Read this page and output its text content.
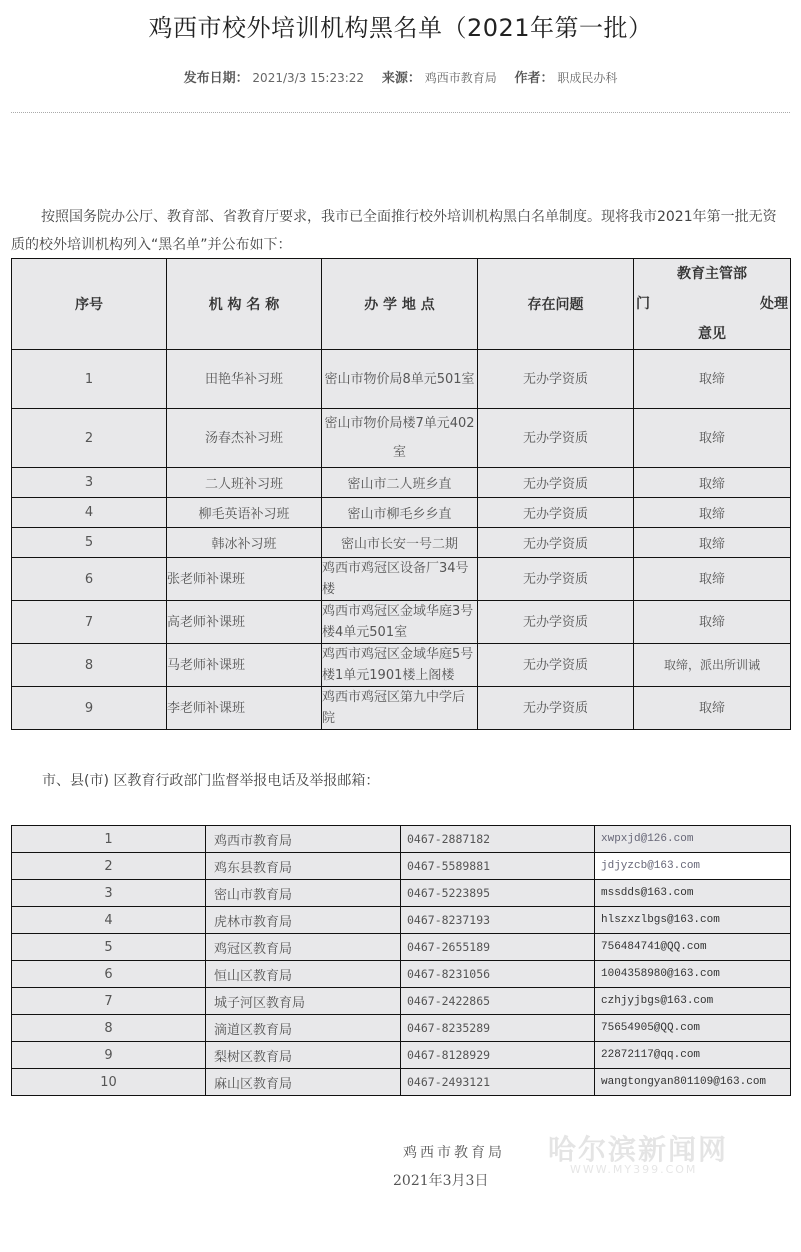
鸡西市校外培训机构黑名单（2021年第一批）
发布日期： 2021/3/3 15:23:22 来源： 鸡西市教育局 作者： 职成民办科
按照国务院办公厅、教育部、省教育厅要求，我市已全面推行校外培训机构黑白名单制度。现将我市2021年第一批无资质的校外培训机构列入“黑名单”并公布如下：
序号	机 构 名 称	办 学 地 点	存在问题	教育主管部
门 处理
意见

1	田艳华补习班	密山市物价局8单元501室	无办学资质	取缔
2	汤春杰补习班	密山市物价局楼7单元402室	无办学资质	取缔
3	二人班补习班	密山市二人班乡直	无办学资质	取缔
4	柳毛英语补习班	密山市柳毛乡乡直	无办学资质	取缔
5	韩冰补习班	密山市长安一号二期	无办学资质	取缔
6	张老师补课班	鸡西市鸡冠区设备厂34号楼	无办学资质	取缔
7	高老师补课班	鸡西市鸡冠区金域华庭3号楼4单元501室	无办学资质	取缔
8	马老师补课班	鸡西市鸡冠区金域华庭5号楼1单元1901楼上阁楼	无办学资质	取缔，派出所训诫
9	李老师补课班	鸡西市鸡冠区第九中学后院	无办学资质	取缔
市、县(市) 区教育行政部门监督举报电话及举报邮箱：
1	鸡西市教育局	0467-2887182	xwpxjd@126.com
2	鸡东县教育局	0467-5589881	jdjyzcb@163.com
3	密山市教育局	0467-5223895	mssdds@163.com
4	虎林市教育局	0467-8237193	hlszxzlbgs@163.com
5	鸡冠区教育局	0467-2655189	756484741@QQ.com
6	恒山区教育局	0467-8231056	1004358980@163.com
7	城子河区教育局	0467-2422865	czhjyjbgs@163.com
8	滴道区教育局	0467-8235289	75654905@QQ.com
9	梨树区教育局	0467-8128929	22872117@qq.com
10	麻山区教育局	0467-2493121	wangtongyan801109@163.com
鸡西市教育局
2021年3月3日
哈尔滨新闻网
WWW.MY399.COM
